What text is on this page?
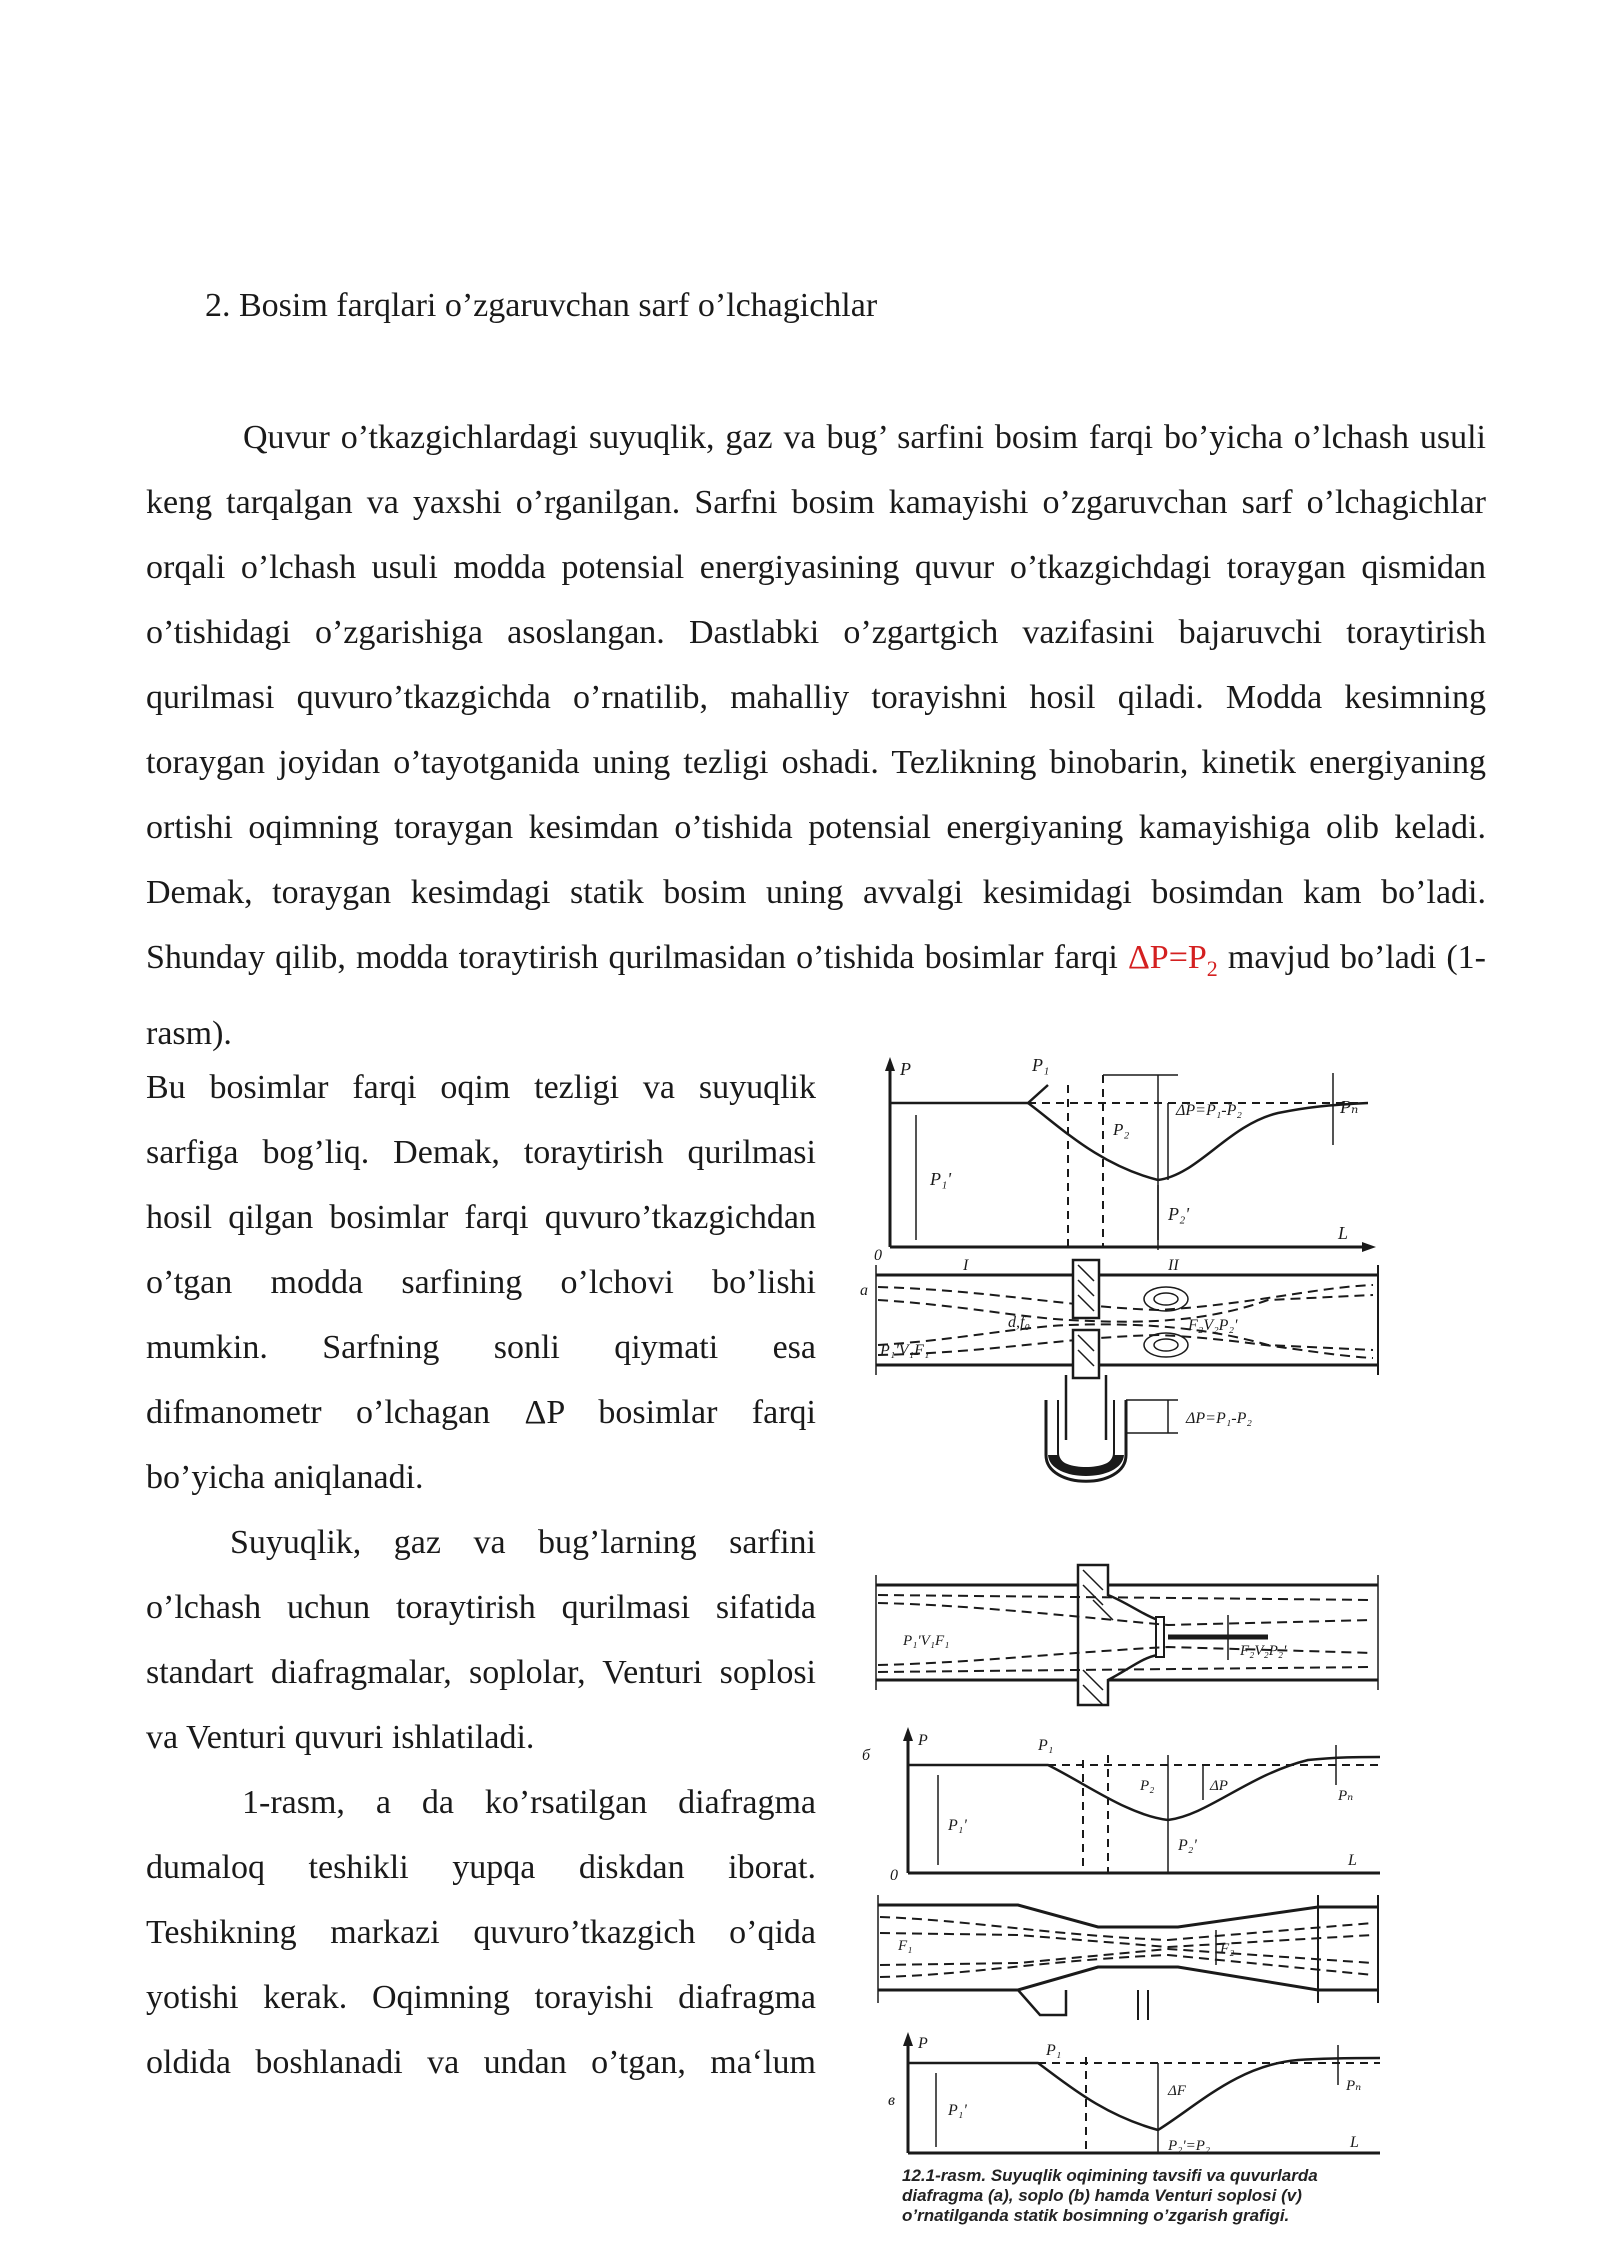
2. Bosim farqlari o’zgaruvchan sarf o’lchagichlar

Quvur o’tkazgichlardagi suyuqlik, gaz va bug’ sarfini bosim farqi bo’yicha o’lchash usuli keng tarqalgan va yaxshi o’rganilgan. Sarfni bosim kamayishi o’zgaruvchan sarf o’lchagichlar orqali o’lchash usuli modda potensial energiyasining quvur o’tkazgichdagi toraygan qismidan o’tishidagi o’zgarishiga asoslangan. Dastlabki o’zgartgich vazifasini bajaruvchi toraytirish qurilmasi quvuro’tkazgichda o’rnatilib, mahalliy torayishni hosil qiladi. Modda kesimning toraygan joyidan o’tayotganida uning tezligi oshadi. Tezlikning binobarin, kinetik energiyaning ortishi oqimning toraygan kesimdan o’tishida potensial energiyaning kamayishiga olib keladi. Demak, toraygan kesimdagi statik bosim uning avvalgi kesimidagi bosimdan kam bo’ladi. Shunday qilib, modda toraytirish qurilmasidan o’tishida bosimlar farqi $\Delta P=P_2$ mavjud bo’ladi (1-rasm).

Bu bosimlar farqi oqim tezligi va suyuqlik sarfiga bog’liq. Demak, toraytirish qurilmasi hosil qilgan bosimlar farqi quvuro’tkazgichdan o’tgan modda sarfining o’lchovi bo’lishi mumkin. Sarfning sonli qiymati esa difmanometr o’lchagan ΔP bosimlar farqi bo’yicha aniqlanadi.

Suyuqlik, gaz va bug’larning sarfini o’lchash uchun toraytirish qurilmasi sifatida standart diafragmalar, soplolar, Venturi soplosi va Venturi quvuri ishlatiladi.

1-rasm, a da ko’rsatilgan diafragma dumaloq teshikli yupqa diskdan iborat. Teshikning markazi quvuro’tkazgich o’qida yotishi kerak. Oqimning torayishi diafragma oldida boshlanadi va undan o’tgan, ma‘lum

P	P₁
P₂
ΔP=P₁-P₂	Pₙ
P₁'
P₂'
0
L
a
I	II
d,f₀
P₁'V₁F₁
F₂V₂P₂'
ΔP=P₁-P₂
P₁'V₁F₁
F₂V₂P₂'
б
P	P₁
P₂	ΔP
P₁'
P₂'
Pₙ
0
L
F₁	F₂
в
P	P₁
ΔF
P₁'
P₂'=P₂
Pₙ
L
12.1-rasm. Suyuqlik oqimining tavsifi va quvurlarda diafragma (a), soplo (b) hamda Venturi soplosi (v) o’rnatilganda statik bosimning o’zgarish grafigi.
